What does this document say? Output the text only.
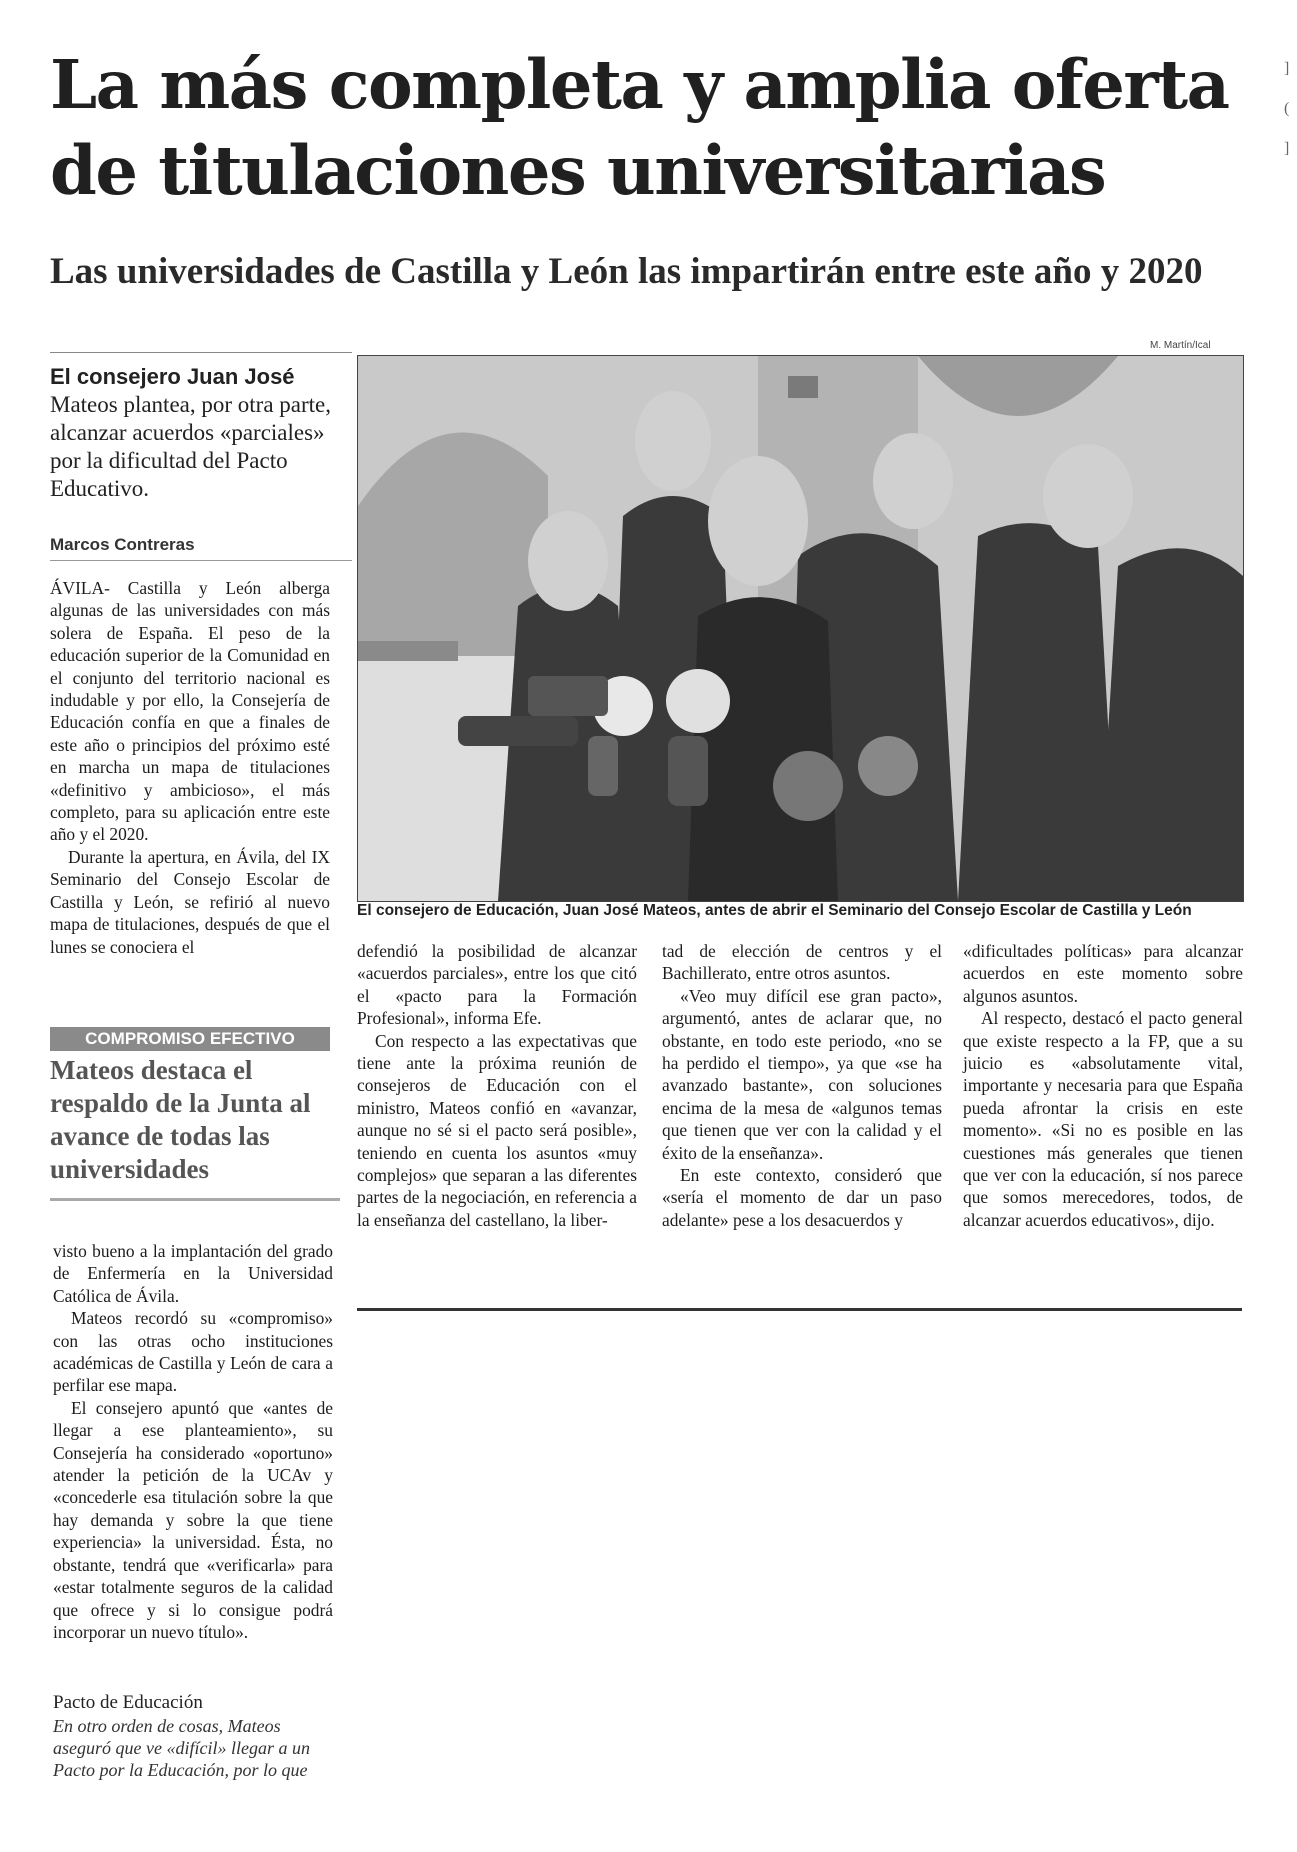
La más completa y amplia oferta
de titulaciones universitarias
Las universidades de Castilla y León las impartirán entre este año y 2020
El consejero Juan José
Mateos plantea, por otra parte, alcanzar acuerdos «parciales» por la dificultad del Pacto Educativo.
Marcos Contreras

ÁVILA- Castilla y León alberga algunas de las universidades con más solera de España. El peso de la educación superior de la Comunidad en el conjunto del territorio nacional es indudable y por ello, la Consejería de Educación confía en que a finales de este año o principios del próximo esté en marcha un mapa de titulaciones «definitivo y ambicioso», el más completo, para su aplicación entre este año y el 2020.

Durante la apertura, en Ávila, del IX Seminario del Consejo Escolar de Castilla y León, se refirió al nuevo mapa de titulaciones, después de que el lunes se conociera el

COMPROMISO EFECTIVO
Mateos destaca el respaldo de la Junta al avance de todas las universidades

visto bueno a la implantación del grado de Enfermería en la Universidad Católica de Ávila.

Mateos recordó su «compromiso» con las otras ocho instituciones académicas de Castilla y León de cara a perfilar ese mapa.

El consejero apuntó que «antes de llegar a ese planteamiento», su Consejería ha considerado «oportuno» atender la petición de la UCAv y «concederle esa titulación sobre la que hay demanda y sobre la que tiene experiencia» la universidad. Ésta, no obstante, tendrá que «verificarla» para «estar totalmente seguros de la calidad que ofrece y si lo consigue podrá incorporar un nuevo título».

Pacto de Educación
En otro orden de cosas, Mateos aseguró que ve «difícil» llegar a un Pacto por la Educación, por lo que
M. Martín/Ical
El consejero de Educación, Juan José Mateos, antes de abrir el Seminario del Consejo Escolar de Castilla y León

defendió la posibilidad de alcanzar «acuerdos parciales», entre los que citó el «pacto para la Formación Profesional», informa Efe.

Con respecto a las expectativas que tiene ante la próxima reunión de consejeros de Educación con el ministro, Mateos confió en «avanzar, aunque no sé si el pacto será posible», teniendo en cuenta los asuntos «muy complejos» que separan a las diferentes partes de la negociación, en referencia a la enseñanza del castellano, la liber-

tad de elección de centros y el Bachillerato, entre otros asuntos.

«Veo muy difícil ese gran pacto», argumentó, antes de aclarar que, no obstante, en todo este periodo, «no se ha perdido el tiempo», ya que «se ha avanzado bastante», con soluciones encima de la mesa de «algunos temas que tienen que ver con la calidad y el éxito de la enseñanza».

En este contexto, consideró que «sería el momento de dar un paso adelante» pese a los desacuerdos y

«dificultades políticas» para alcanzar acuerdos en este momento sobre algunos asuntos.

Al respecto, destacó el pacto general que existe respecto a la FP, que a su juicio es «absolutamente vital, importante y necesaria para que España pueda afrontar la crisis en este momento». «Si no es posible en las cuestiones más generales que tienen que ver con la educación, sí nos parece que somos merecedores, todos, de alcanzar acuerdos educativos», dijo.

]
(
]
